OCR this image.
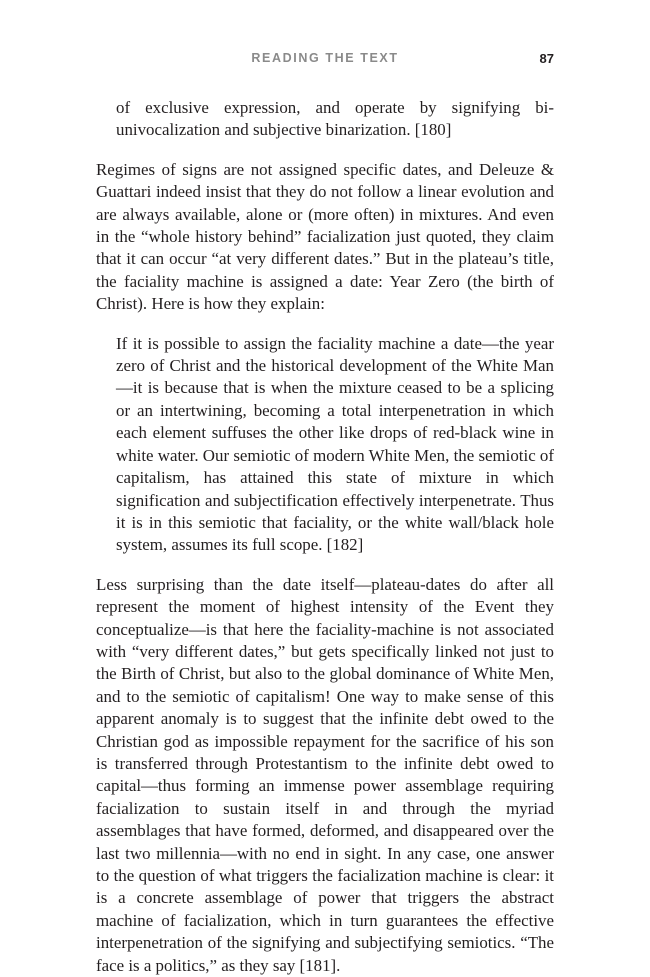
READING THE TEXT	87

of exclusive expression, and operate by signifying bi-univocalization and subjective binarization. [180]

Regimes of signs are not assigned specific dates, and Deleuze & Guattari indeed insist that they do not follow a linear evolution and are always available, alone or (more often) in mixtures. And even in the “whole history behind” facialization just quoted, they claim that it can occur “at very different dates.” But in the plateau’s title, the faciality machine is assigned a date: Year Zero (the birth of Christ). Here is how they explain:

If it is possible to assign the faciality machine a date—the year zero of Christ and the historical development of the White Man—it is because that is when the mixture ceased to be a splicing or an intertwining, becoming a total interpenetration in which each element suffuses the other like drops of red-black wine in white water. Our semiotic of modern White Men, the semiotic of capitalism, has attained this state of mixture in which signification and subjectification effectively interpenetrate. Thus it is in this semiotic that faciality, or the white wall/black hole system, assumes its full scope. [182]

Less surprising than the date itself—plateau-dates do after all represent the moment of highest intensity of the Event they conceptualize—is that here the faciality-machine is not associated with “very different dates,” but gets specifically linked not just to the Birth of Christ, but also to the global dominance of White Men, and to the semiotic of capitalism! One way to make sense of this apparent anomaly is to suggest that the infinite debt owed to the Christian god as impossible repayment for the sacrifice of his son is transferred through Protestantism to the infinite debt owed to capital—thus forming an immense power assemblage requiring facialization to sustain itself in and through the myriad assemblages that have formed, deformed, and disappeared over the last two millennia—with no end in sight. In any case, one answer to the question of what triggers the facialization machine is clear: it is a concrete assemblage of power that triggers the abstract machine of facialization, which in turn guarantees the effective interpenetration of the signifying and subjectifying semiotics. “The face is a politics,” as they say [181].
